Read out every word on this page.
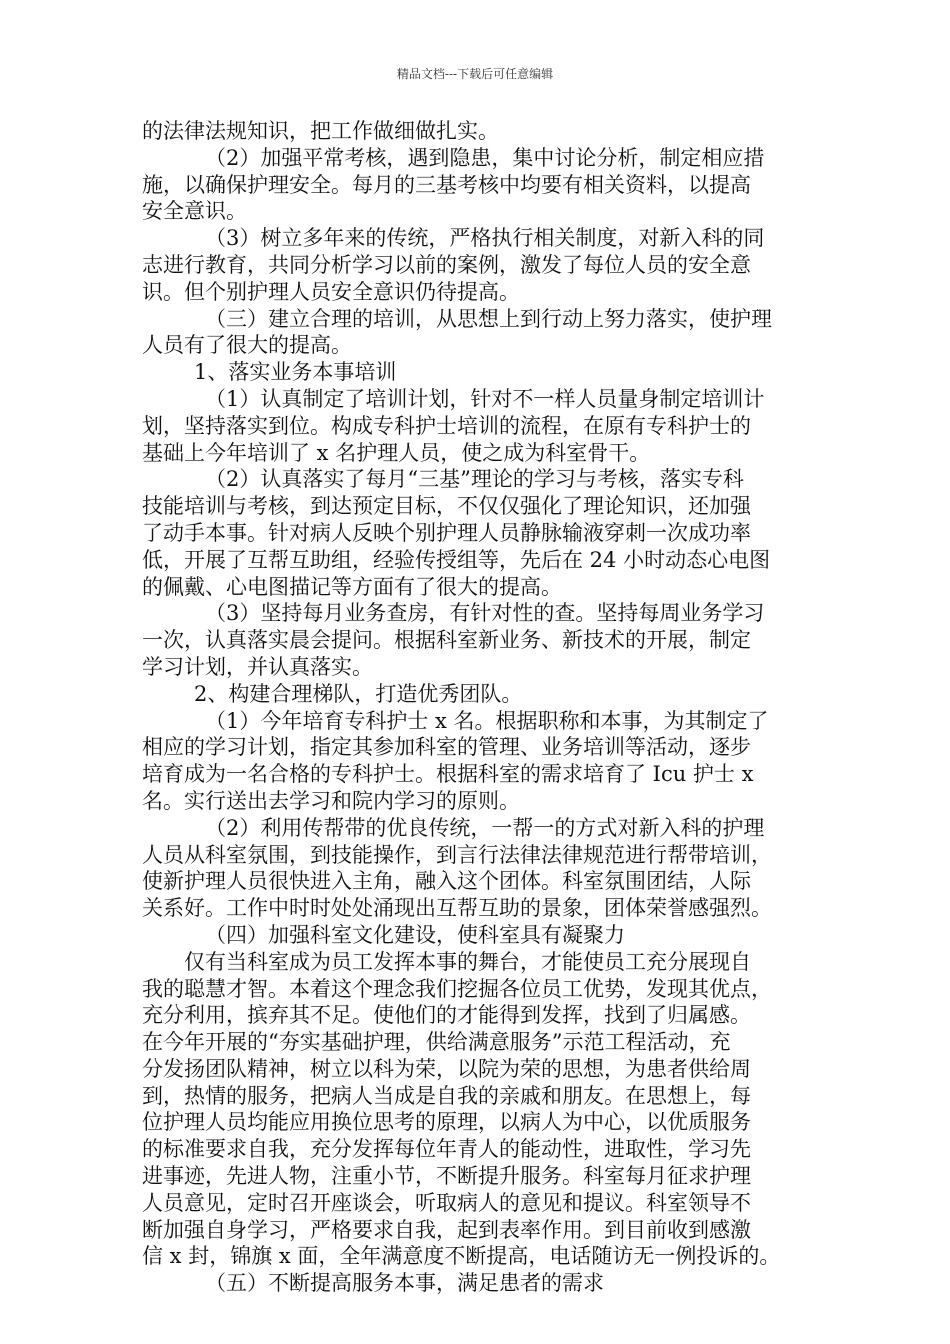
精品文档---下载后可任意编辑
的法律法规知识，把工作做细做扎实。
（2）加强平常考核，遇到隐患，集中讨论分析，制定相应措
施，以确保护理安全。每月的三基考核中均要有相关资料，以提高
安全意识。
（3）树立多年来的传统，严格执行相关制度，对新入科的同
志进行教育，共同分析学习以前的案例，激发了每位人员的安全意
识。但个别护理人员安全意识仍待提高。
（三）建立合理的培训，从思想上到行动上努力落实，使护理
人员有了很大的提高。
1、落实业务本事培训
（1）认真制定了培训计划，针对不一样人员量身制定培训计
划，坚持落实到位。构成专科护士培训的流程，在原有专科护士的
基础上今年培训了 x 名护理人员，使之成为科室骨干。
（2）认真落实了每月“三基”理论的学习与考核，落实专科
技能培训与考核，到达预定目标，不仅仅强化了理论知识，还加强
了动手本事。针对病人反映个别护理人员静脉输液穿刺一次成功率
低，开展了互帮互助组，经验传授组等，先后在 24 小时动态心电图
的佩戴、心电图描记等方面有了很大的提高。
（3）坚持每月业务查房，有针对性的查。坚持每周业务学习
一次，认真落实晨会提问。根据科室新业务、新技术的开展，制定
学习计划，并认真落实。
2、构建合理梯队，打造优秀团队。
（1）今年培育专科护士 x 名。根据职称和本事，为其制定了
相应的学习计划，指定其参加科室的管理、业务培训等活动，逐步
培育成为一名合格的专科护士。根据科室的需求培育了 Icu 护士 x
名。实行送出去学习和院内学习的原则。
（2）利用传帮带的优良传统，一帮一的方式对新入科的护理
人员从科室氛围，到技能操作，到言行法律法律规范进行帮带培训，
使新护理人员很快进入主角，融入这个团体。科室氛围团结，人际
关系好。工作中时时处处涌现出互帮互助的景象，团体荣誉感强烈。
（四）加强科室文化建设，使科室具有凝聚力
仅有当科室成为员工发挥本事的舞台，才能使员工充分展现自
我的聪慧才智。本着这个理念我们挖掘各位员工优势，发现其优点，
充分利用，摈弃其不足。使他们的才能得到发挥，找到了归属感。
在今年开展的“夯实基础护理，供给满意服务”示范工程活动，充
分发扬团队精神，树立以科为荣，以院为荣的思想，为患者供给周
到，热情的服务，把病人当成是自我的亲戚和朋友。在思想上，每
位护理人员均能应用换位思考的原理，以病人为中心，以优质服务
的标准要求自我，充分发挥每位年青人的能动性，进取性，学习先
进事迹，先进人物，注重小节，不断提升服务。科室每月征求护理
人员意见，定时召开座谈会，听取病人的意见和提议。科室领导不
断加强自身学习，严格要求自我，起到表率作用。到目前收到感激
信 x 封，锦旗 x 面，全年满意度不断提高，电话随访无一例投诉的。
（五）不断提高服务本事，满足患者的需求
